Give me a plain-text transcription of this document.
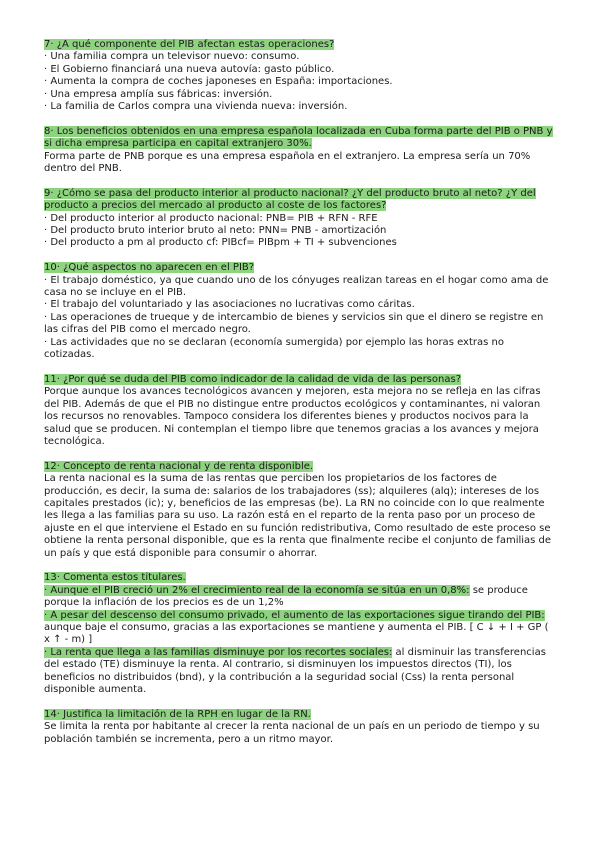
7· ¿A qué componente del PIB afectan estas operaciones?
· Una familia compra un televisor nuevo: consumo.
· El Gobierno financiará una nueva autovía: gasto público.
· Aumenta la compra de coches japoneses en España: importaciones.
· Una empresa amplía sus fábricas: inversión.
· La familia de Carlos compra una vivienda nueva: inversión.

8· Los beneficios obtenidos en una empresa española localizada en Cuba forma parte del PIB o PNB y si dicha empresa participa en capital extranjero 30%.

Forma parte de PNB porque es una empresa española en el extranjero. La empresa sería un 70% dentro del PNB.

9· ¿Cómo se pasa del producto interior al producto nacional? ¿Y del producto bruto al neto? ¿Y del producto a precios del mercado al producto al coste de los factores?

· Del producto interior al producto nacional: PNB= PIB + RFN - RFE
· Del producto bruto interior bruto al neto: PNN= PNB - amortización
· Del producto a pm al producto cf: PIBcf= PIBpm + TI + subvenciones

10· ¿Qué aspectos no aparecen en el PIB?

· El trabajo doméstico, ya que cuando uno de los cónyuges realizan tareas en el hogar como ama de casa no se incluye en el PIB.
· El trabajo del voluntariado y las asociaciones no lucrativas como cáritas.
· Las operaciones de trueque y de intercambio de bienes y servicios sin que el dinero se registre en las cifras del PIB como el mercado negro.
· Las actividades que no se declaran (economía sumergida) por ejemplo las horas extras no cotizadas.

11· ¿Por qué se duda del PIB como indicador de la calidad de vida de las personas?

Porque aunque los avances tecnológicos avancen y mejoren, esta mejora no se refleja en las cifras del PIB. Además de que el PIB no distingue entre productos ecológicos y contaminantes, ni valoran los recursos no renovables. Tampoco considera los diferentes bienes y productos nocivos para la salud que se producen. Ni contemplan el tiempo libre que tenemos gracias a los avances y mejora tecnológica.

12· Concepto de renta nacional y de renta disponible.

La renta nacional es la suma de las rentas que perciben los propietarios de los factores de producción, es decir, la suma de: salarios de los trabajadores (ss); alquileres (alq); intereses de los capitales prestados (ic); y, beneficios de las empresas (be). La RN no coincide con lo que realmente les llega a las familias para su uso. La razón está en el reparto de la renta paso por un proceso de ajuste en el que interviene el Estado en su función redistributiva, Como resultado de este proceso se obtiene la renta personal disponible, que es la renta que finalmente recibe el conjunto de familias de un país y que está disponible para consumir o ahorrar.

13· Comenta estos titulares.

· Aunque el PIB creció un 2% el crecimiento real de la economía se sitúa en un 0,8%: se produce porque la inflación de los precios es de un 1,2%

· A pesar del descenso del consumo privado, el aumento de las exportaciones sigue tirando del PIB: aunque baje el consumo, gracias a las exportaciones se mantiene y aumenta el PIB. [ C ↓ + I + GP ( x ↑ - m) ]

· La renta que llega a las familias disminuye por los recortes sociales: al disminuir las transferencias del estado (TE) disminuye la renta. Al contrario, si disminuyen los impuestos directos (TI), los beneficios no distribuidos (bnd), y la contribución a la seguridad social (Css) la renta personal disponible aumenta.

14· Justifica la limitación de la RPH en lugar de la RN.

Se limita la renta por habitante al crecer la renta nacional de un país en un periodo de tiempo y su población también se incrementa, pero a un ritmo mayor.
